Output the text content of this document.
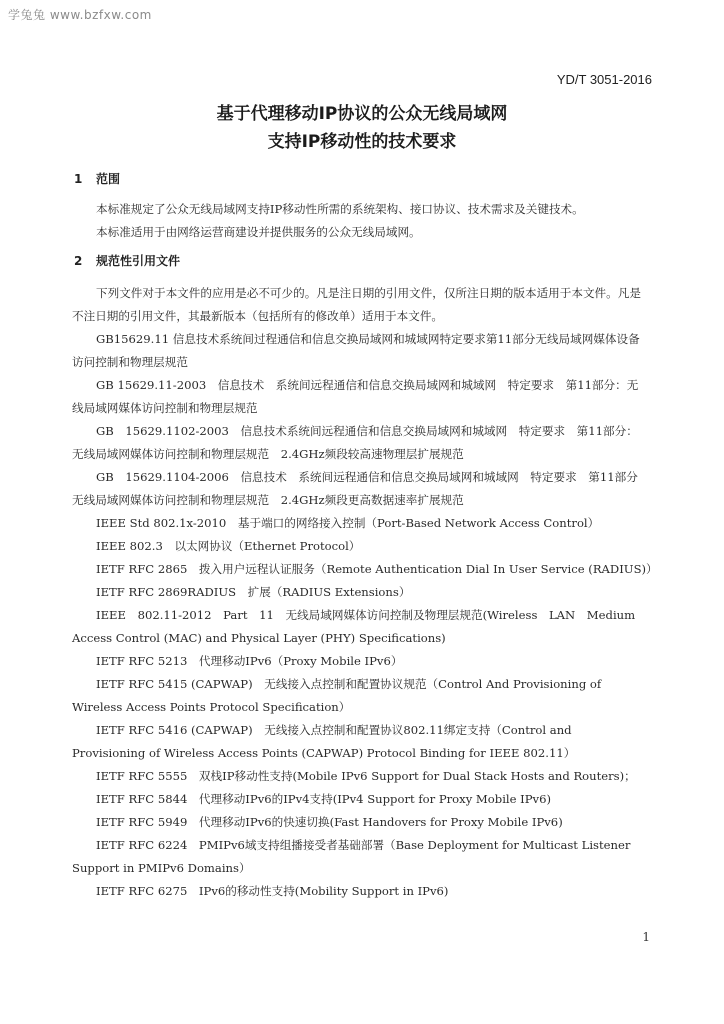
学兔兔 www.bzfxw.com
YD/T 3051-2016
基于代理移动IP协议的公众无线局域网
支持IP移动性的技术要求
1 范围

本标准规定了公众无线局域网支持IP移动性所需的系统架构、接口协议、技术需求及关键技术。

本标准适用于由网络运营商建设并提供服务的公众无线局域网。

2 规范性引用文件

下列文件对于本文件的应用是必不可少的。凡是注日期的引用文件，仅所注日期的版本适用于本文件。凡是不注日期的引用文件，其最新版本（包括所有的修改单）适用于本文件。

GB15629.11 信息技术系统间过程通信和信息交换局域网和城域网特定要求第11部分无线局域网媒体设备访问控制和物理层规范

GB 15629.11-2003　信息技术　系统间远程通信和信息交换局域网和城域网　特定要求　第11部分：无线局域网媒体访问控制和物理层规范

GB　15629.1102-2003　信息技术系统间远程通信和信息交换局域网和城域网　特定要求　第11部分：无线局域网媒体访问控制和物理层规范　2.4GHz频段较高速物理层扩展规范

GB　15629.1104-2006　信息技术　系统间远程通信和信息交换局域网和城域网　特定要求　第11部分无线局域网媒体访问控制和物理层规范　2.4GHz频段更高数据速率扩展规范

IEEE Std 802.1x-2010　基于端口的网络接入控制（Port-Based Network Access Control）

IEEE 802.3　以太网协议（Ethernet Protocol）

IETF RFC 2865　拨入用户远程认证服务（Remote Authentication Dial In User Service (RADIUS)）

IETF RFC 2869RADIUS　扩展（RADIUS Extensions）

IEEE　802.11-2012　Part　11　无线局域网媒体访问控制及物理层规范(Wireless　LAN　Medium　Access Control (MAC) and Physical Layer (PHY) Specifications)

IETF RFC 5213　代理移动IPv6（Proxy Mobile IPv6）

IETF RFC 5415 (CAPWAP)　无线接入点控制和配置协议规范（Control And Provisioning of Wireless Access Points Protocol Specification）

IETF RFC 5416 (CAPWAP)　无线接入点控制和配置协议802.11绑定支持（Control and Provisioning of Wireless Access Points (CAPWAP) Protocol Binding for IEEE 802.11）

IETF RFC 5555　双栈IP移动性支持(Mobile IPv6 Support for Dual Stack Hosts and Routers)；

IETF RFC 5844　代理移动IPv6的IPv4支持(IPv4 Support for Proxy Mobile IPv6)

IETF RFC 5949　代理移动IPv6的快速切换(Fast Handovers for Proxy Mobile IPv6)

IETF RFC 6224　PMIPv6域支持组播接受者基础部署（Base Deployment for Multicast Listener Support in PMIPv6 Domains）

IETF RFC 6275　IPv6的移动性支持(Mobility Support in IPv6)

1
